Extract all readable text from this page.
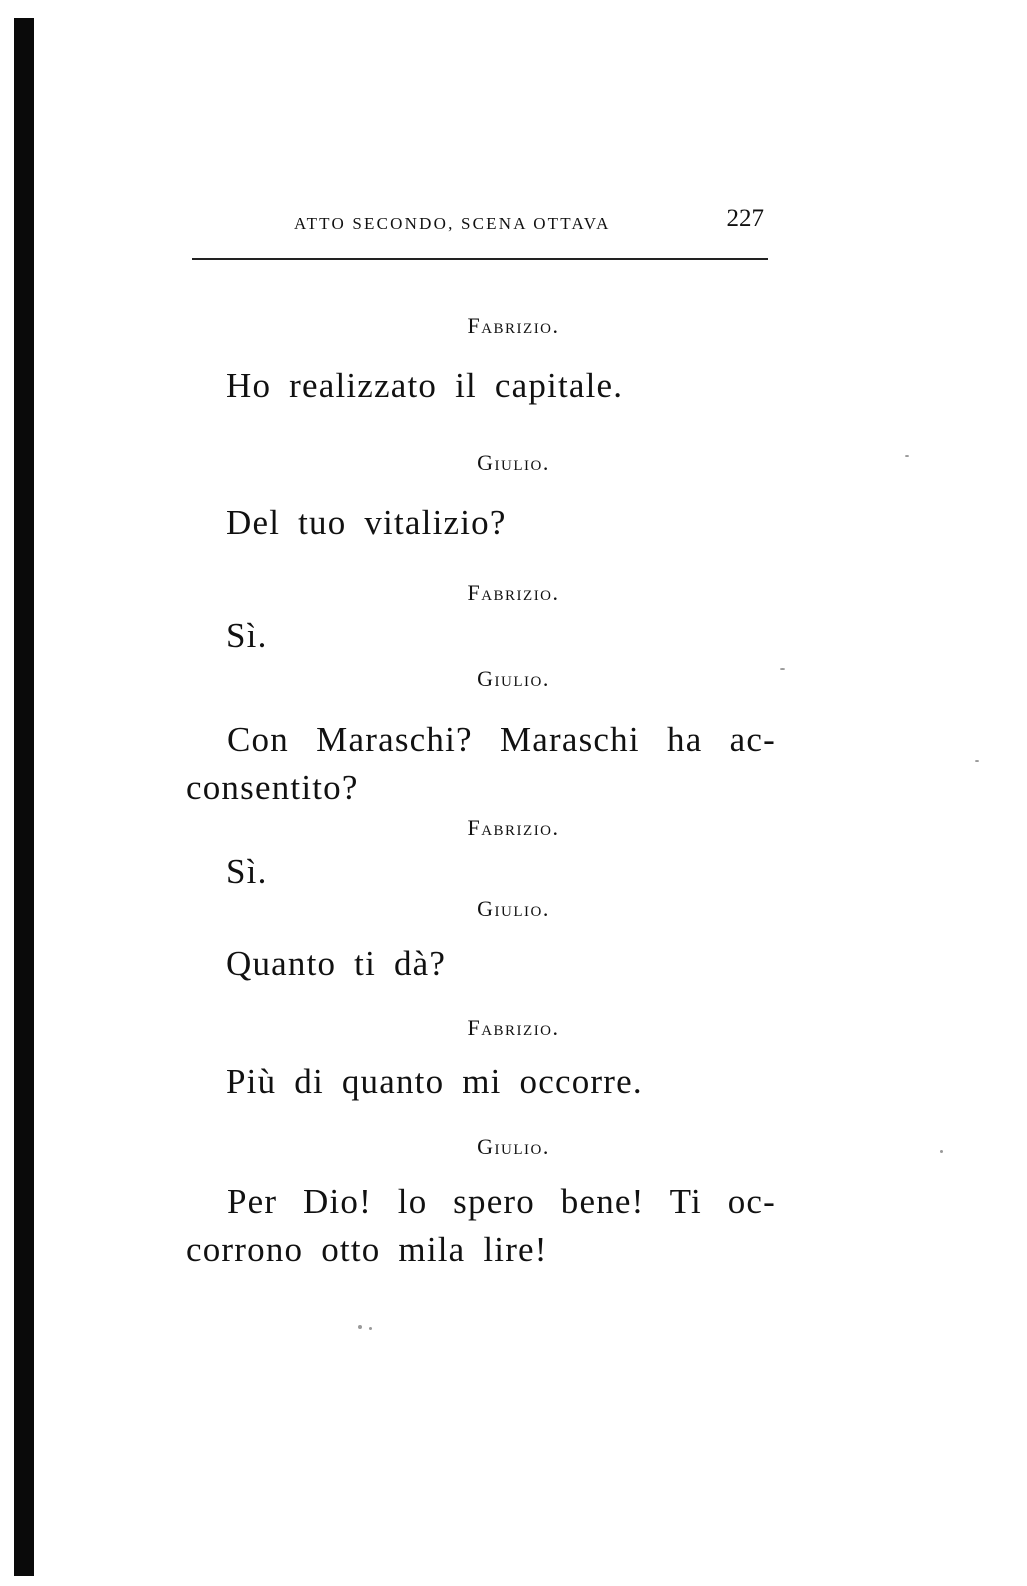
ATTO SECONDO, SCENA OTTAVA	227
Fabrizio.
Ho realizzato il capitale.
Giulio.
Del tuo vitalizio?
Fabrizio.
Sì.
Giulio.
Con Maraschi? Maraschi ha ac-
consentito?
Fabrizio.
Sì.
Giulio.
Quanto ti dà?
Fabrizio.
Più di quanto mi occorre.
Giulio.
Per Dio! lo spero bene! Ti oc-
corrono otto mila lire!
